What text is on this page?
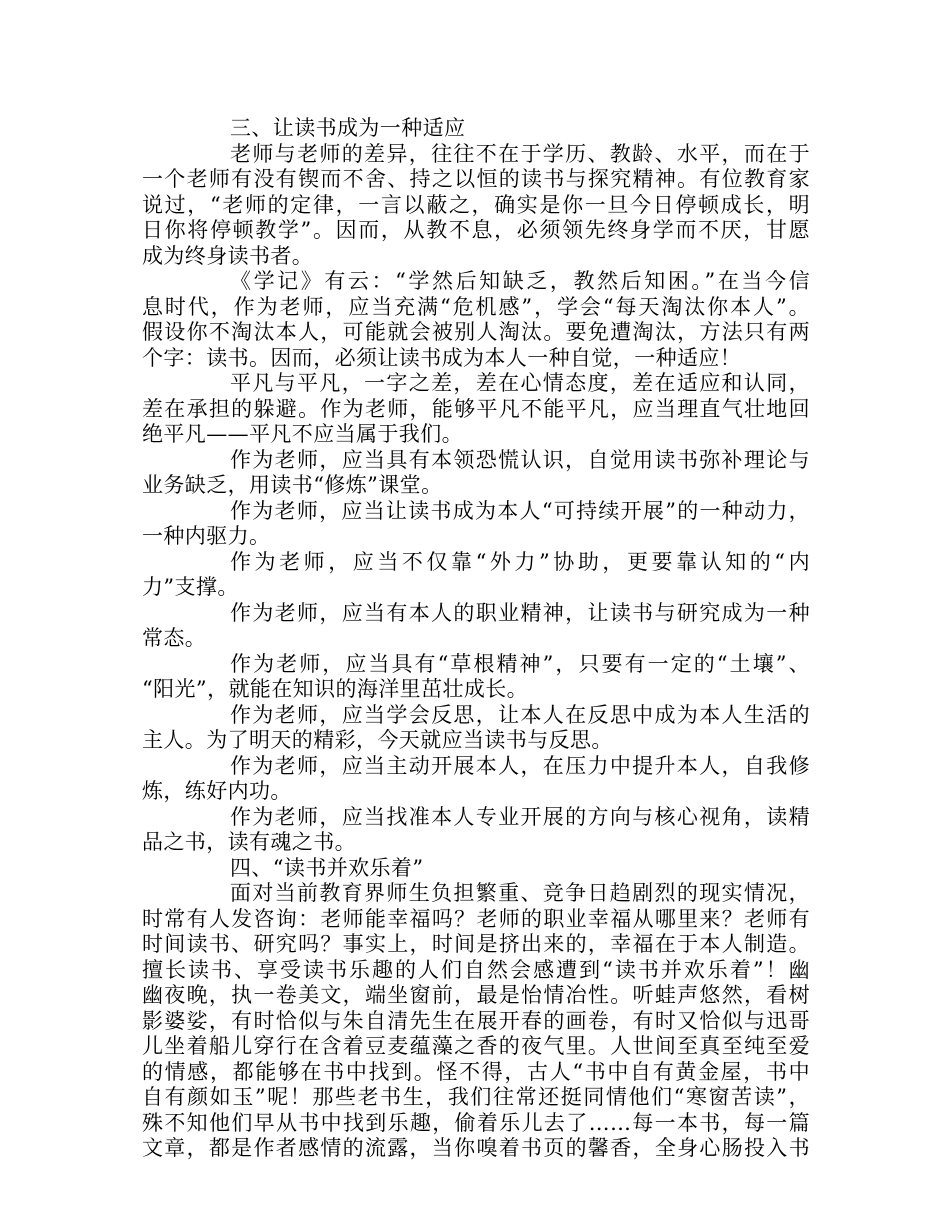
三、让读书成为一种适应
老师与老师的差异，往往不在于学历、教龄、水平，而在于
一个老师有没有锲而不舍、持之以恒的读书与探究精神。有位教育家
说过，“老师的定律，一言以蔽之，确实是你一旦今日停顿成长，明
日你将停顿教学”。因而，从教不息，必须领先终身学而不厌，甘愿
成为终身读书者。
《学记》有云：“学然后知缺乏，教然后知困。”在当今信
息时代，作为老师，应当充满“危机感”，学会“每天淘汰你本人”。
假设你不淘汰本人，可能就会被别人淘汰。要免遭淘汰，方法只有两
个字：读书。因而，必须让读书成为本人一种自觉，一种适应！
平凡与平凡，一字之差，差在心情态度，差在适应和认同，
差在承担的躲避。作为老师，能够平凡不能平凡，应当理直气壮地回
绝平凡——平凡不应当属于我们。
作为老师，应当具有本领恐慌认识，自觉用读书弥补理论与
业务缺乏，用读书“修炼”课堂。
作为老师，应当让读书成为本人“可持续开展”的一种动力，
一种内驱力。
作为老师，应当不仅靠“外力”协助，更要靠认知的“内
力”支撑。
作为老师，应当有本人的职业精神，让读书与研究成为一种
常态。
作为老师，应当具有“草根精神”，只要有一定的“土壤”、
“阳光”，就能在知识的海洋里茁壮成长。
作为老师，应当学会反思，让本人在反思中成为本人生活的
主人。为了明天的精彩，今天就应当读书与反思。
作为老师，应当主动开展本人，在压力中提升本人，自我修
炼，练好内功。
作为老师，应当找准本人专业开展的方向与核心视角，读精
品之书，读有魂之书。
四、“读书并欢乐着”
面对当前教育界师生负担繁重、竞争日趋剧烈的现实情况，
时常有人发咨询：老师能幸福吗？老师的职业幸福从哪里来？老师有
时间读书、研究吗？事实上，时间是挤出来的，幸福在于本人制造。
擅长读书、享受读书乐趣的人们自然会感遭到“读书并欢乐着”！幽
幽夜晚，执一卷美文，端坐窗前，最是怡情冶性。听蛙声悠然，看树
影婆娑，有时恰似与朱自清先生在展开春的画卷，有时又恰似与迅哥
儿坐着船儿穿行在含着豆麦蕴藻之香的夜气里。人世间至真至纯至爱
的情感，都能够在书中找到。怪不得，古人“书中自有黄金屋，书中
自有颜如玉”呢！那些老书生，我们往常还挺同情他们“寒窗苦读”，
殊不知他们早从书中找到乐趣，偷着乐儿去了……每一本书，每一篇
文章，都是作者感情的流露，当你嗅着书页的馨香，全身心肠投入书
